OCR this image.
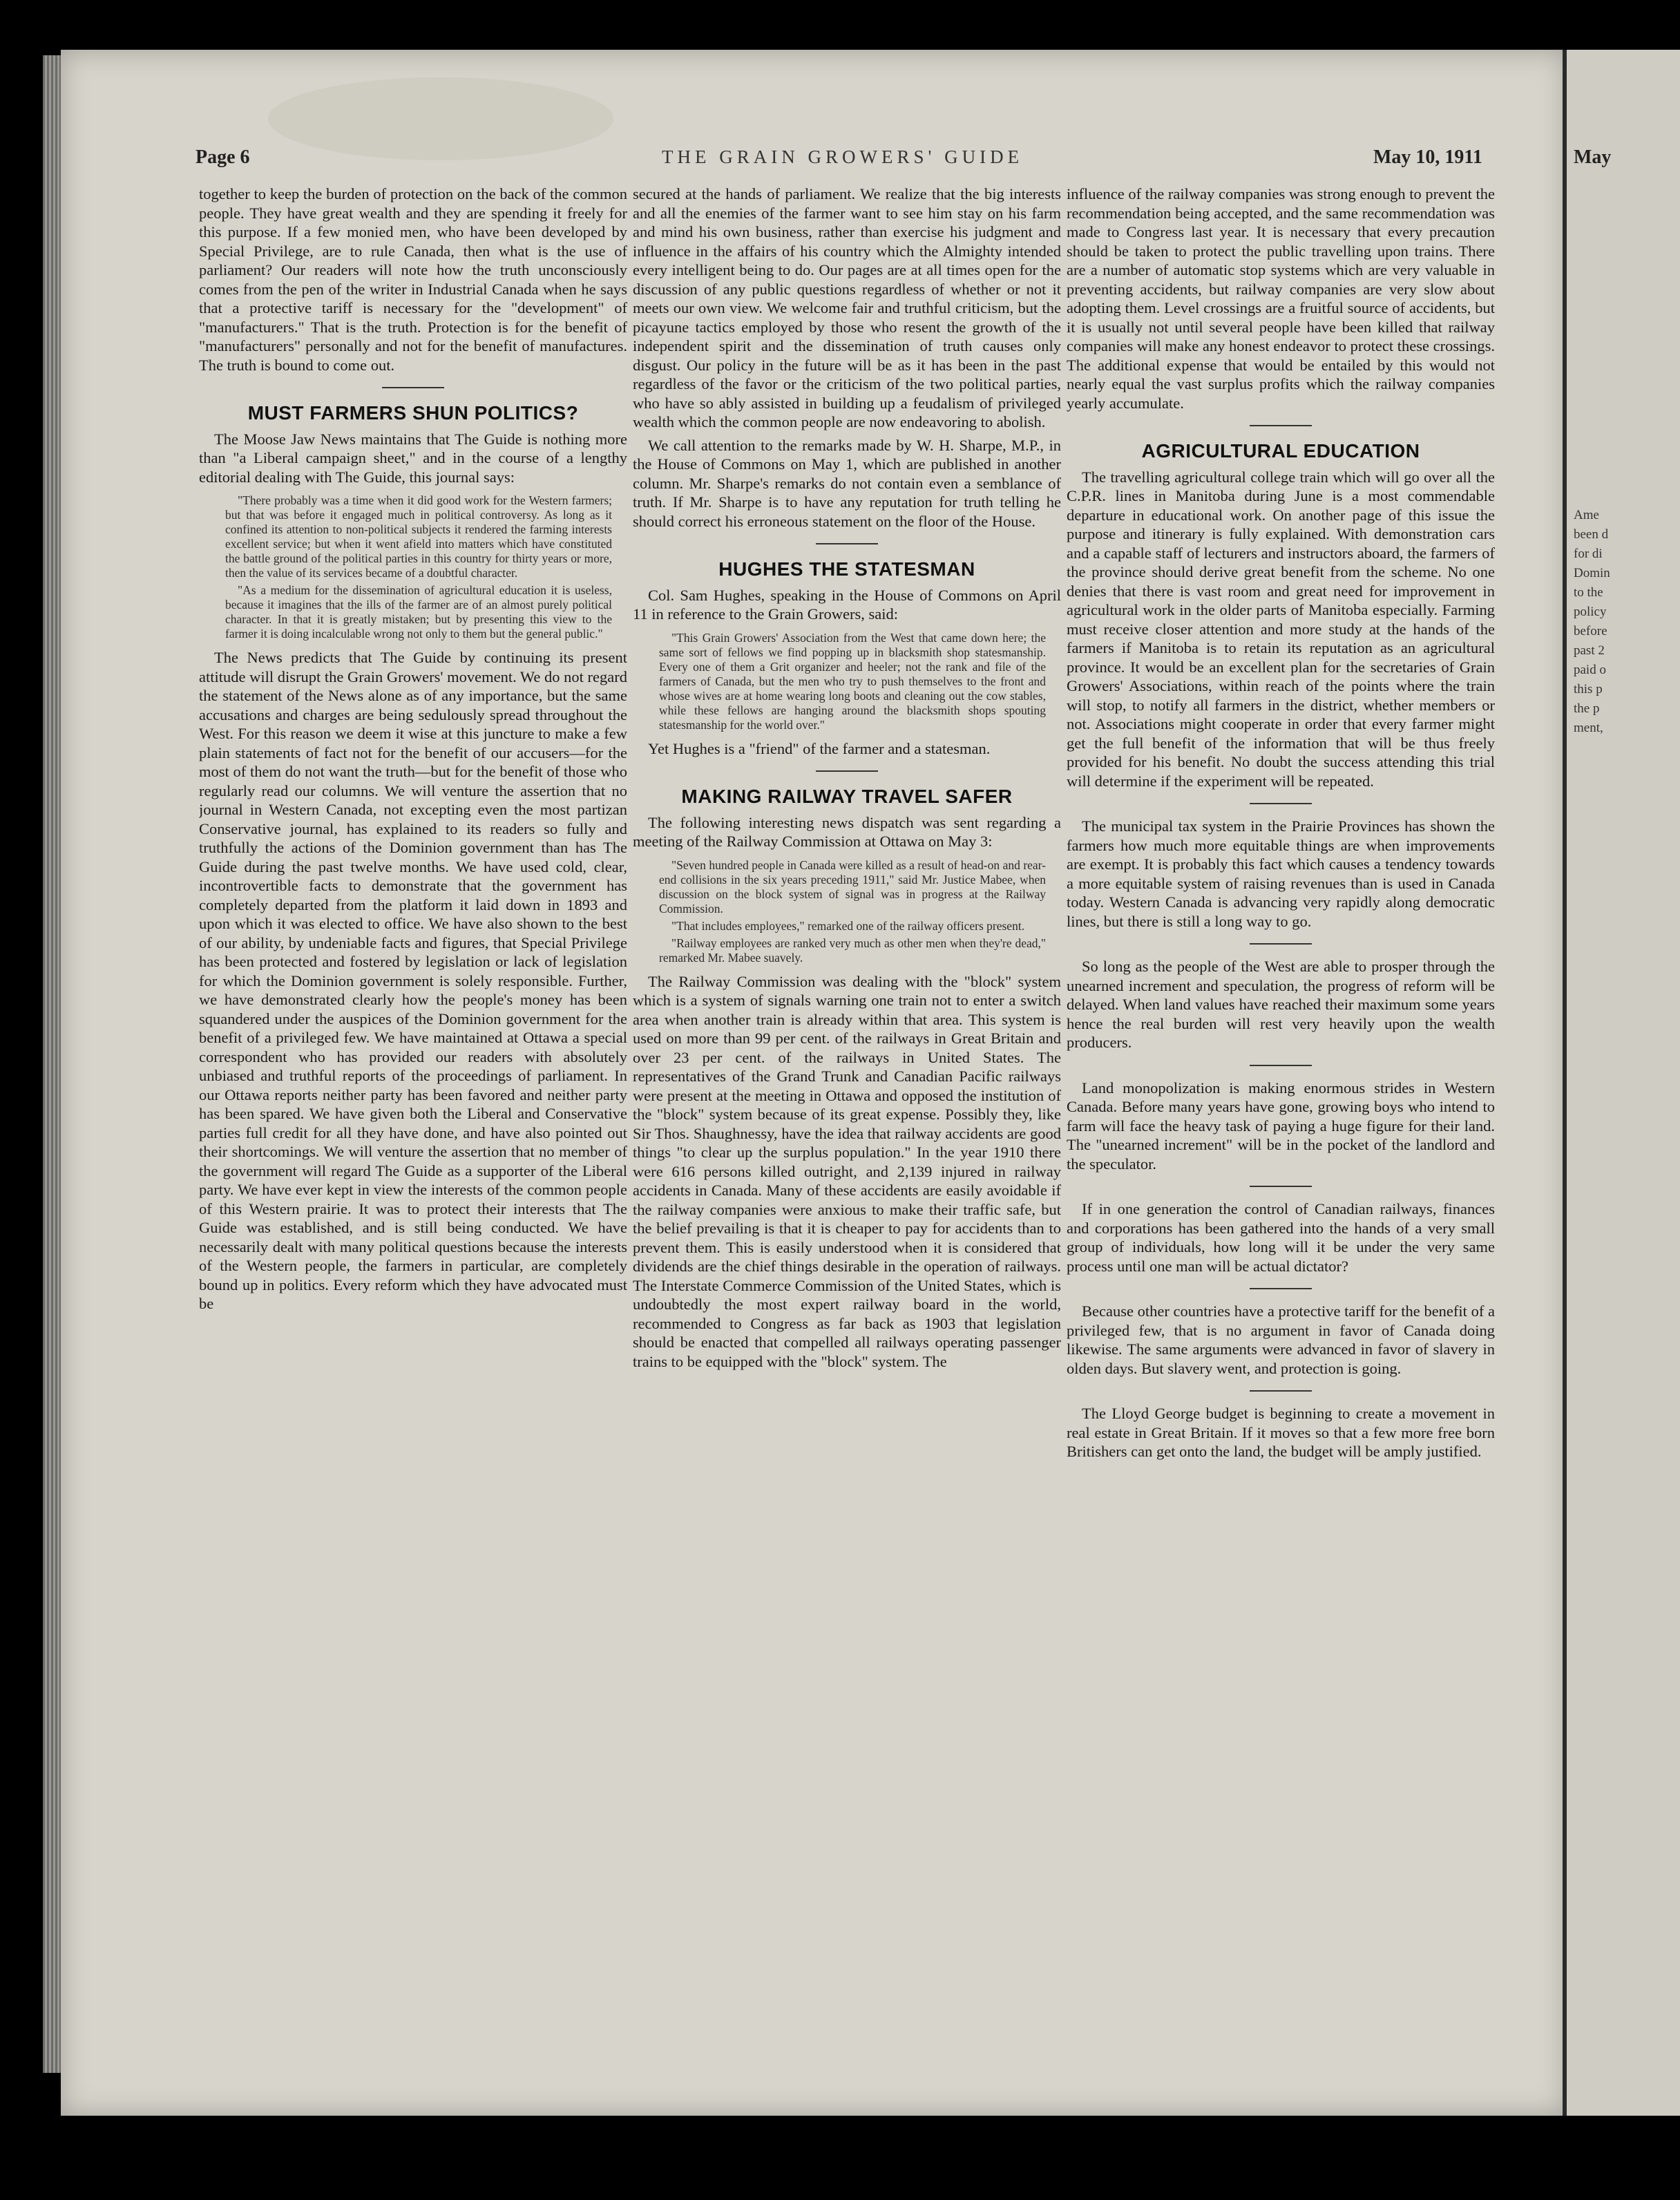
Page 6	THE GRAIN GROWERS' GUIDE	May 10, 1911

together to keep the burden of protection on the back of the common people. They have great wealth and they are spending it freely for this purpose. If a few monied men, who have been developed by Special Privilege, are to rule Canada, then what is the use of parliament? Our readers will note how the truth unconsciously comes from the pen of the writer in Industrial Canada when he says that a protective tariff is necessary for the "development" of "manufacturers." That is the truth. Protection is for the benefit of "manufacturers" personally and not for the benefit of manufactures. The truth is bound to come out.

MUST FARMERS SHUN POLITICS?

The Moose Jaw News maintains that The Guide is nothing more than "a Liberal campaign sheet," and in the course of a lengthy editorial dealing with The Guide, this journal says:

"There probably was a time when it did good work for the Western farmers; but that was before it engaged much in political controversy. As long as it confined its attention to non-political subjects it rendered the farming interests excellent service; but when it went afield into matters which have constituted the battle ground of the political parties in this country for thirty years or more, then the value of its services became of a doubtful character.

"As a medium for the dissemination of agricultural education it is useless, because it imagines that the ills of the farmer are of an almost purely political character. In that it is greatly mistaken; but by presenting this view to the farmer it is doing incalculable wrong not only to them but the general public."

The News predicts that The Guide by continuing its present attitude will disrupt the Grain Growers' movement. We do not regard the statement of the News alone as of any importance, but the same accusations and charges are being sedulously spread throughout the West. For this reason we deem it wise at this juncture to make a few plain statements of fact not for the benefit of our accusers—for the most of them do not want the truth—but for the benefit of those who regularly read our columns. We will venture the assertion that no journal in Western Canada, not excepting even the most partizan Conservative journal, has explained to its readers so fully and truthfully the actions of the Dominion government than has The Guide during the past twelve months. We have used cold, clear, incontrovertible facts to demonstrate that the government has completely departed from the platform it laid down in 1893 and upon which it was elected to office. We have also shown to the best of our ability, by undeniable facts and figures, that Special Privilege has been protected and fostered by legislation or lack of legislation for which the Dominion government is solely responsible. Further, we have demonstrated clearly how the people's money has been squandered under the auspices of the Dominion government for the benefit of a privileged few. We have maintained at Ottawa a special correspondent who has provided our readers with absolutely unbiased and truthful reports of the proceedings of parliament. In our Ottawa reports neither party has been favored and neither party has been spared. We have given both the Liberal and Conservative parties full credit for all they have done, and have also pointed out their shortcomings. We will venture the assertion that no member of the government will regard The Guide as a supporter of the Liberal party. We have ever kept in view the interests of the common people of this Western prairie. It was to protect their interests that The Guide was established, and is still being conducted. We have necessarily dealt with many political questions because the interests of the Western people, the farmers in particular, are completely bound up in politics. Every reform which they have advocated must be

secured at the hands of parliament. We realize that the big interests and all the enemies of the farmer want to see him stay on his farm and mind his own business, rather than exercise his judgment and influence in the affairs of his country which the Almighty intended every intelligent being to do. Our pages are at all times open for the discussion of any public questions regardless of whether or not it meets our own view. We welcome fair and truthful criticism, but the picayune tactics employed by those who resent the growth of the independent spirit and the dissemination of truth causes only disgust. Our policy in the future will be as it has been in the past regardless of the favor or the criticism of the two political parties, who have so ably assisted in building up a feudalism of privileged wealth which the common people are now endeavoring to abolish.

We call attention to the remarks made by W. H. Sharpe, M.P., in the House of Commons on May 1, which are published in another column. Mr. Sharpe's remarks do not contain even a semblance of truth. If Mr. Sharpe is to have any reputation for truth telling he should correct his erroneous statement on the floor of the House.

HUGHES THE STATESMAN

Col. Sam Hughes, speaking in the House of Commons on April 11 in reference to the Grain Growers, said:

"This Grain Growers' Association from the West that came down here; the same sort of fellows we find popping up in blacksmith shop statesmanship. Every one of them a Grit organizer and heeler; not the rank and file of the farmers of Canada, but the men who try to push themselves to the front and whose wives are at home wearing long boots and cleaning out the cow stables, while these fellows are hanging around the blacksmith shops spouting statesmanship for the world over."

Yet Hughes is a "friend" of the farmer and a statesman.

MAKING RAILWAY TRAVEL SAFER

The following interesting news dispatch was sent regarding a meeting of the Railway Commission at Ottawa on May 3:

"Seven hundred people in Canada were killed as a result of head-on and rear-end collisions in the six years preceding 1911," said Mr. Justice Mabee, when discussion on the block system of signal was in progress at the Railway Commission.

"That includes employees," remarked one of the railway officers present.

"Railway employees are ranked very much as other men when they're dead," remarked Mr. Mabee suavely.

The Railway Commission was dealing with the "block" system which is a system of signals warning one train not to enter a switch area when another train is already within that area. This system is used on more than 99 per cent. of the railways in Great Britain and over 23 per cent. of the railways in United States. The representatives of the Grand Trunk and Canadian Pacific railways were present at the meeting in Ottawa and opposed the institution of the "block" system because of its great expense. Possibly they, like Sir Thos. Shaughnessy, have the idea that railway accidents are good things "to clear up the surplus population." In the year 1910 there were 616 persons killed outright, and 2,139 injured in railway accidents in Canada. Many of these accidents are easily avoidable if the railway companies were anxious to make their traffic safe, but the belief prevailing is that it is cheaper to pay for accidents than to prevent them. This is easily understood when it is considered that dividends are the chief things desirable in the operation of railways. The Interstate Commerce Commission of the United States, which is undoubtedly the most expert railway board in the world, recommended to Congress as far back as 1903 that legislation should be enacted that compelled all railways operating passenger trains to be equipped with the "block" system. The

influence of the railway companies was strong enough to prevent the recommendation being accepted, and the same recommendation was made to Congress last year. It is necessary that every precaution should be taken to protect the public travelling upon trains. There are a number of automatic stop systems which are very valuable in preventing accidents, but railway companies are very slow about adopting them. Level crossings are a fruitful source of accidents, but it is usually not until several people have been killed that railway companies will make any honest endeavor to protect these crossings. The additional expense that would be entailed by this would not nearly equal the vast surplus profits which the railway companies yearly accumulate.

AGRICULTURAL EDUCATION

The travelling agricultural college train which will go over all the C.P.R. lines in Manitoba during June is a most commendable departure in educational work. On another page of this issue the purpose and itinerary is fully explained. With demonstration cars and a capable staff of lecturers and instructors aboard, the farmers of the province should derive great benefit from the scheme. No one denies that there is vast room and great need for improvement in agricultural work in the older parts of Manitoba especially. Farming must receive closer attention and more study at the hands of the farmers if Manitoba is to retain its reputation as an agricultural province. It would be an excellent plan for the secretaries of Grain Growers' Associations, within reach of the points where the train will stop, to notify all farmers in the district, whether members or not. Associations might cooperate in order that every farmer might get the full benefit of the information that will be thus freely provided for his benefit. No doubt the success attending this trial will determine if the experiment will be repeated.

The municipal tax system in the Prairie Provinces has shown the farmers how much more equitable things are when improvements are exempt. It is probably this fact which causes a tendency towards a more equitable system of raising revenues than is used in Canada today. Western Canada is advancing very rapidly along democratic lines, but there is still a long way to go.

So long as the people of the West are able to prosper through the unearned increment and speculation, the progress of reform will be delayed. When land values have reached their maximum some years hence the real burden will rest very heavily upon the wealth producers.

Land monopolization is making enormous strides in Western Canada. Before many years have gone, growing boys who intend to farm will face the heavy task of paying a huge figure for their land. The "unearned increment" will be in the pocket of the landlord and the speculator.

If in one generation the control of Canadian railways, finances and corporations has been gathered into the hands of a very small group of individuals, how long will it be under the very same process until one man will be actual dictator?

Because other countries have a protective tariff for the benefit of a privileged few, that is no argument in favor of Canada doing likewise. The same arguments were advanced in favor of slavery in olden days. But slavery went, and protection is going.

The Lloyd George budget is beginning to create a movement in real estate in Great Britain. If it moves so that a few more free born Britishers can get onto the land, the budget will be amply justified.

May
Ame
been d
for di
Domin
to the
policy
before
past 2
paid o
this p
the p
ment,
